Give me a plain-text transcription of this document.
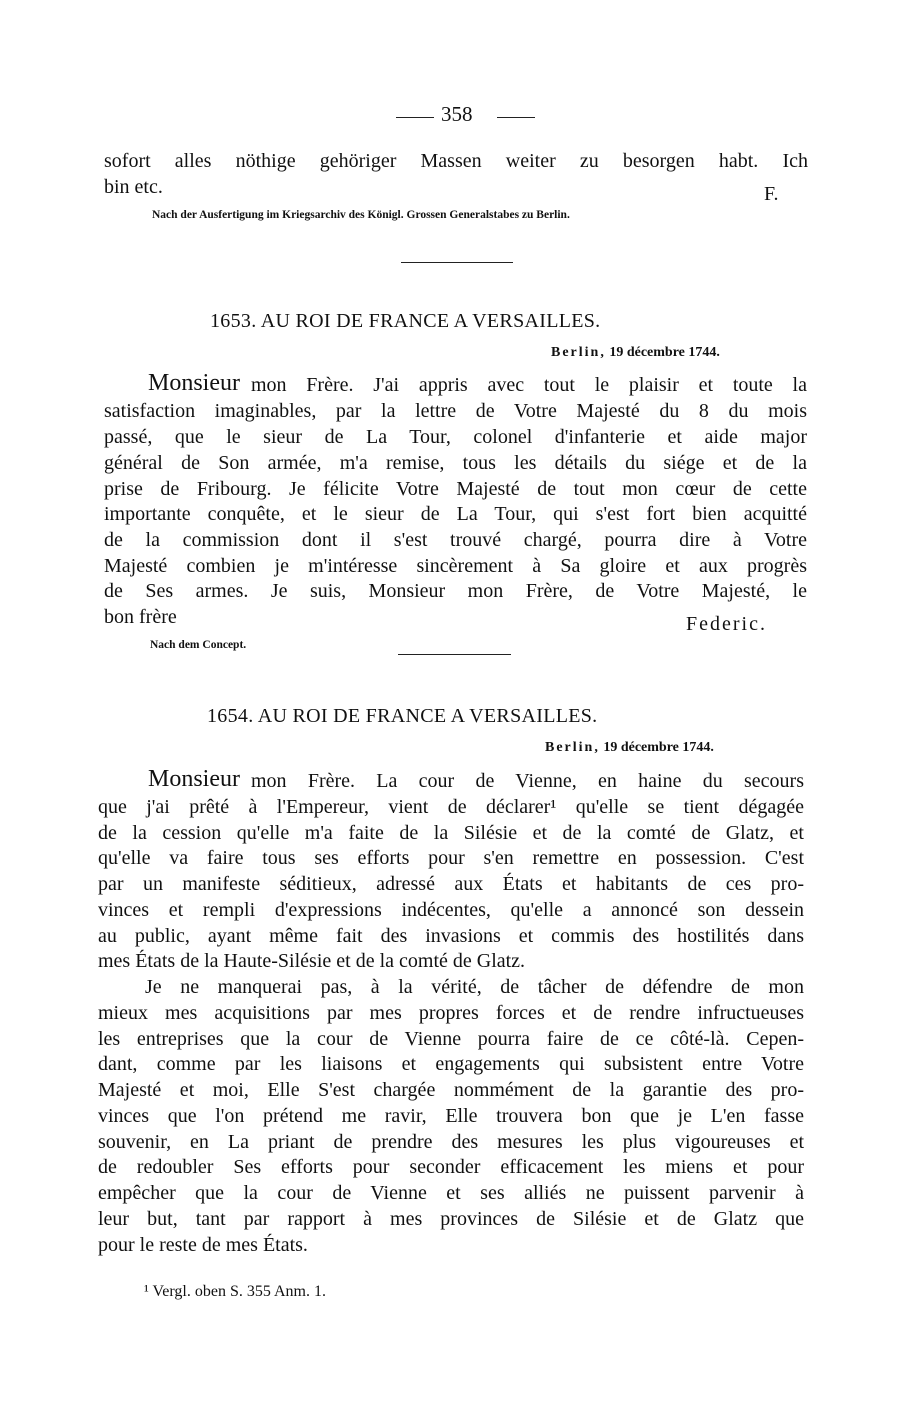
358
sofort alles nöthige gehöriger Massen weiter zu besorgen habt. Ich
bin etc.	F.
Nach der Ausfertigung im Kriegsarchiv des Königl. Grossen Generalstabes zu Berlin.
1653. AU ROI DE FRANCE A VERSAILLES.
Berlin, 19 décembre 1744.
Monsieur mon Frère. J'ai appris avec tout le plaisir et toute la
satisfaction imaginables, par la lettre de Votre Majesté du 8 du mois
passé, que le sieur de La Tour, colonel d'infanterie et aide major
général de Son armée, m'a remise, tous les détails du siége et de la
prise de Fribourg. Je félicite Votre Majesté de tout mon cœur de cette
importante conquête, et le sieur de La Tour, qui s'est fort bien acquitté
de la commission dont il s'est trouvé chargé, pourra dire à Votre
Majesté combien je m'intéresse sincèrement à Sa gloire et aux progrès
de Ses armes. Je suis, Monsieur mon Frère, de Votre Majesté, le
bon frère	Federic.
Nach dem Concept.
1654. AU ROI DE FRANCE A VERSAILLES.
Berlin, 19 décembre 1744.
Monsieur mon Frère. La cour de Vienne, en haine du secours
que j'ai prêté à l'Empereur, vient de déclarer¹ qu'elle se tient dégagée
de la cession qu'elle m'a faite de la Silésie et de la comté de Glatz, et
qu'elle va faire tous ses efforts pour s'en remettre en possession. C'est
par un manifeste séditieux, adressé aux États et habitants de ces pro-
vinces et rempli d'expressions indécentes, qu'elle a annoncé son dessein
au public, ayant même fait des invasions et commis des hostilités dans
mes États de la Haute-Silésie et de la comté de Glatz.
Je ne manquerai pas, à la vérité, de tâcher de défendre de mon
mieux mes acquisitions par mes propres forces et de rendre infructueuses
les entreprises que la cour de Vienne pourra faire de ce côté-là. Cepen-
dant, comme par les liaisons et engagements qui subsistent entre Votre
Majesté et moi, Elle S'est chargée nommément de la garantie des pro-
vinces que l'on prétend me ravir, Elle trouvera bon que je L'en fasse
souvenir, en La priant de prendre des mesures les plus vigoureuses et
de redoubler Ses efforts pour seconder efficacement les miens et pour
empêcher que la cour de Vienne et ses alliés ne puissent parvenir à
leur but, tant par rapport à mes provinces de Silésie et de Glatz que
pour le reste de mes États.
¹ Vergl. oben S. 355 Anm. 1.
